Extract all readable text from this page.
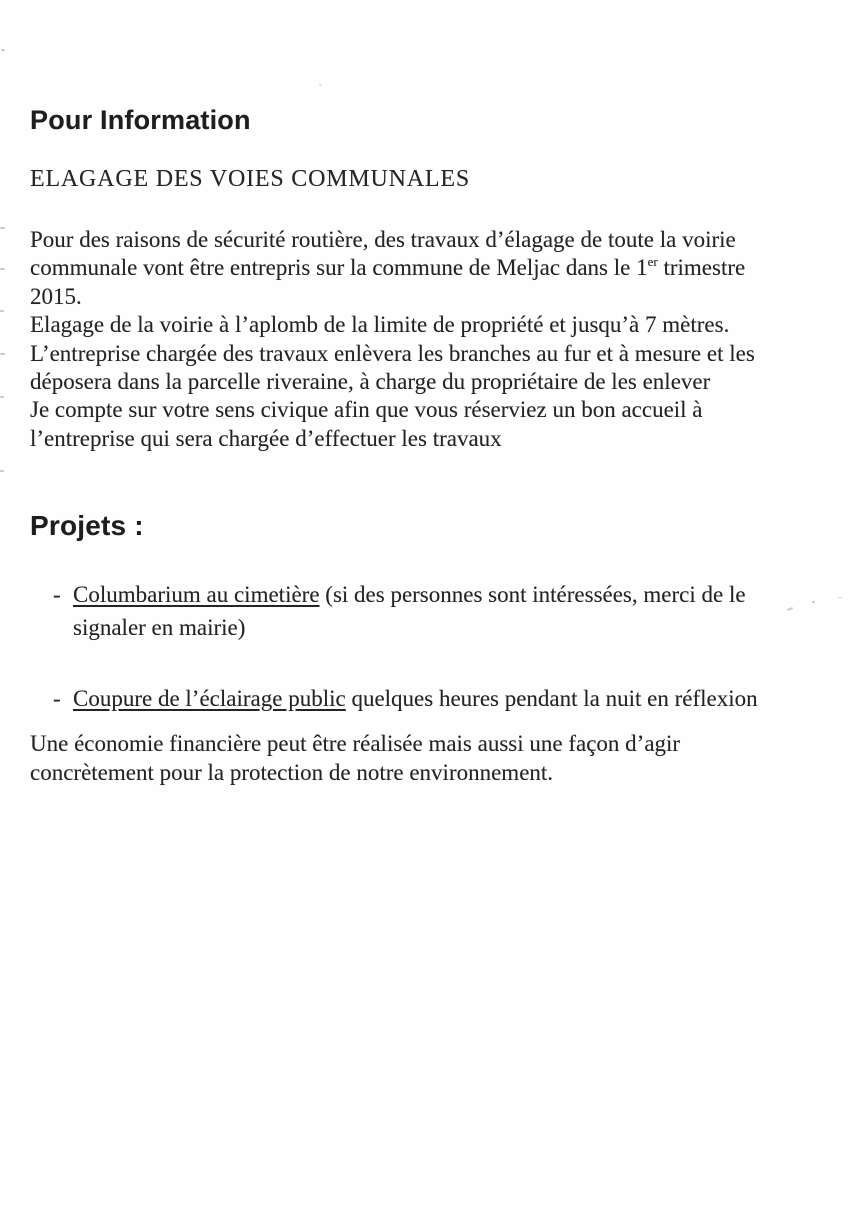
Pour Information
ELAGAGE DES VOIES COMMUNALES
Pour des raisons de sécurité routière, des travaux d’élagage de toute la voirie
communale vont être entrepris sur la commune de Meljac dans le 1er trimestre
2015.
Elagage de la voirie à l’aplomb de la limite de propriété et jusqu’à 7 mètres.
L’entreprise chargée des travaux enlèvera les branches au fur et à mesure et les
déposera dans la parcelle riveraine, à charge du propriétaire de les enlever
Je compte sur votre sens civique afin que vous réserviez un bon accueil à
l’entreprise qui sera chargée d’effectuer les travaux
Projets :
- Columbarium au cimetière (si des personnes sont intéressées, merci de le
signaler en mairie)
- Coupure de l’éclairage public quelques heures pendant la nuit en réflexion
Une économie financière peut être réalisée mais aussi une façon d’agir
concrètement pour la protection de notre environnement.
